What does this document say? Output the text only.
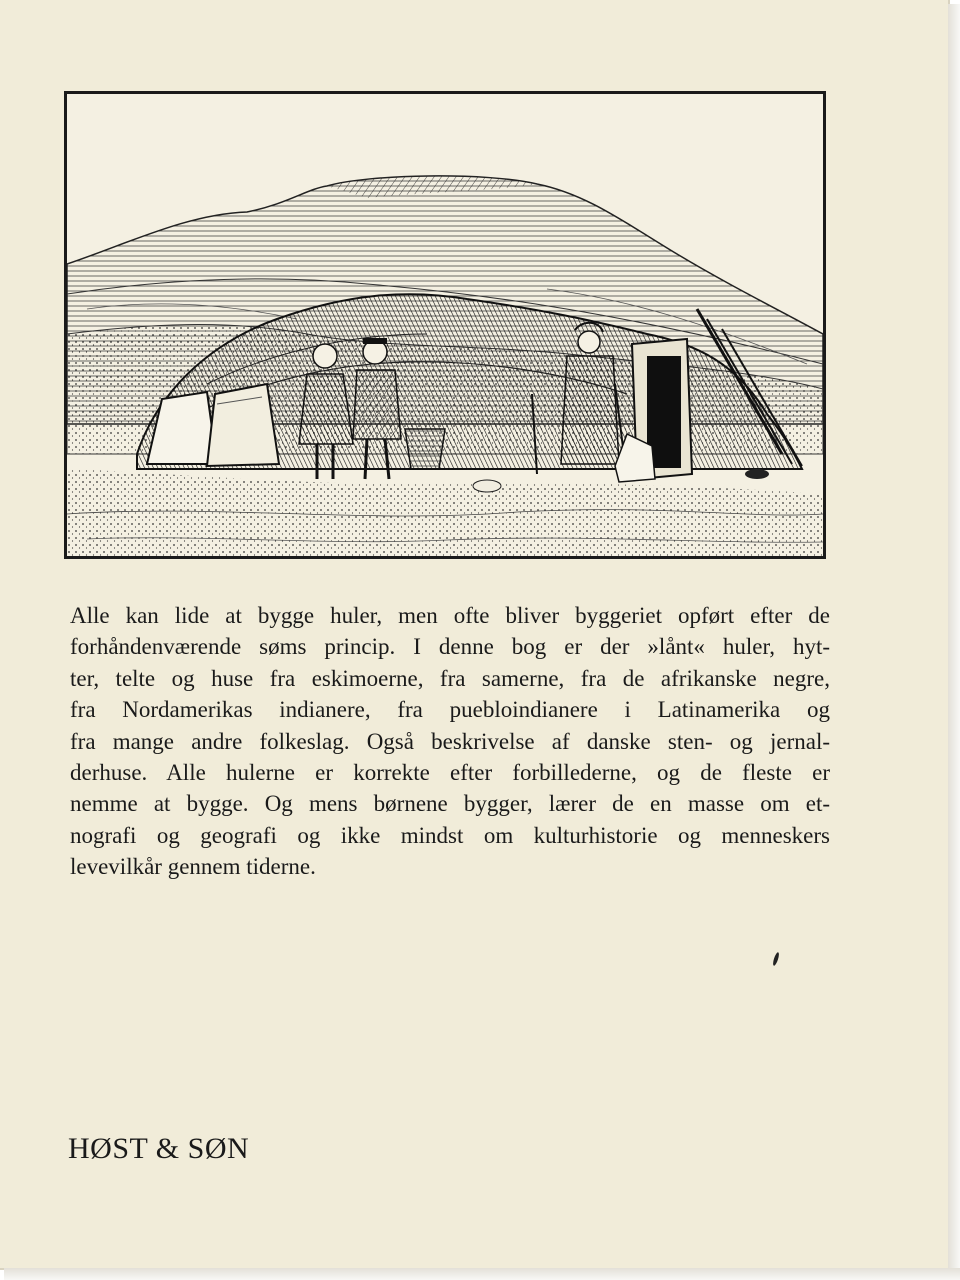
Alle kan lide at bygge huler, men ofte bliver byggeriet opført efter de
forhåndenværende søms princip. I denne bog er der »lånt« huler, hyt-
ter, telte og huse fra eskimoerne, fra samerne, fra de afrikanske negre,
fra Nordamerikas indianere, fra puebloindianere i Latinamerika og
fra mange andre folkeslag. Også beskrivelse af danske sten- og jernal-
derhuse. Alle hulerne er korrekte efter forbillederne, og de fleste er
nemme at bygge. Og mens børnene bygger, lærer de en masse om et-
nografi og geografi og ikke mindst om kulturhistorie og menneskers
levevilkår gennem tiderne.
HØST & SØN
